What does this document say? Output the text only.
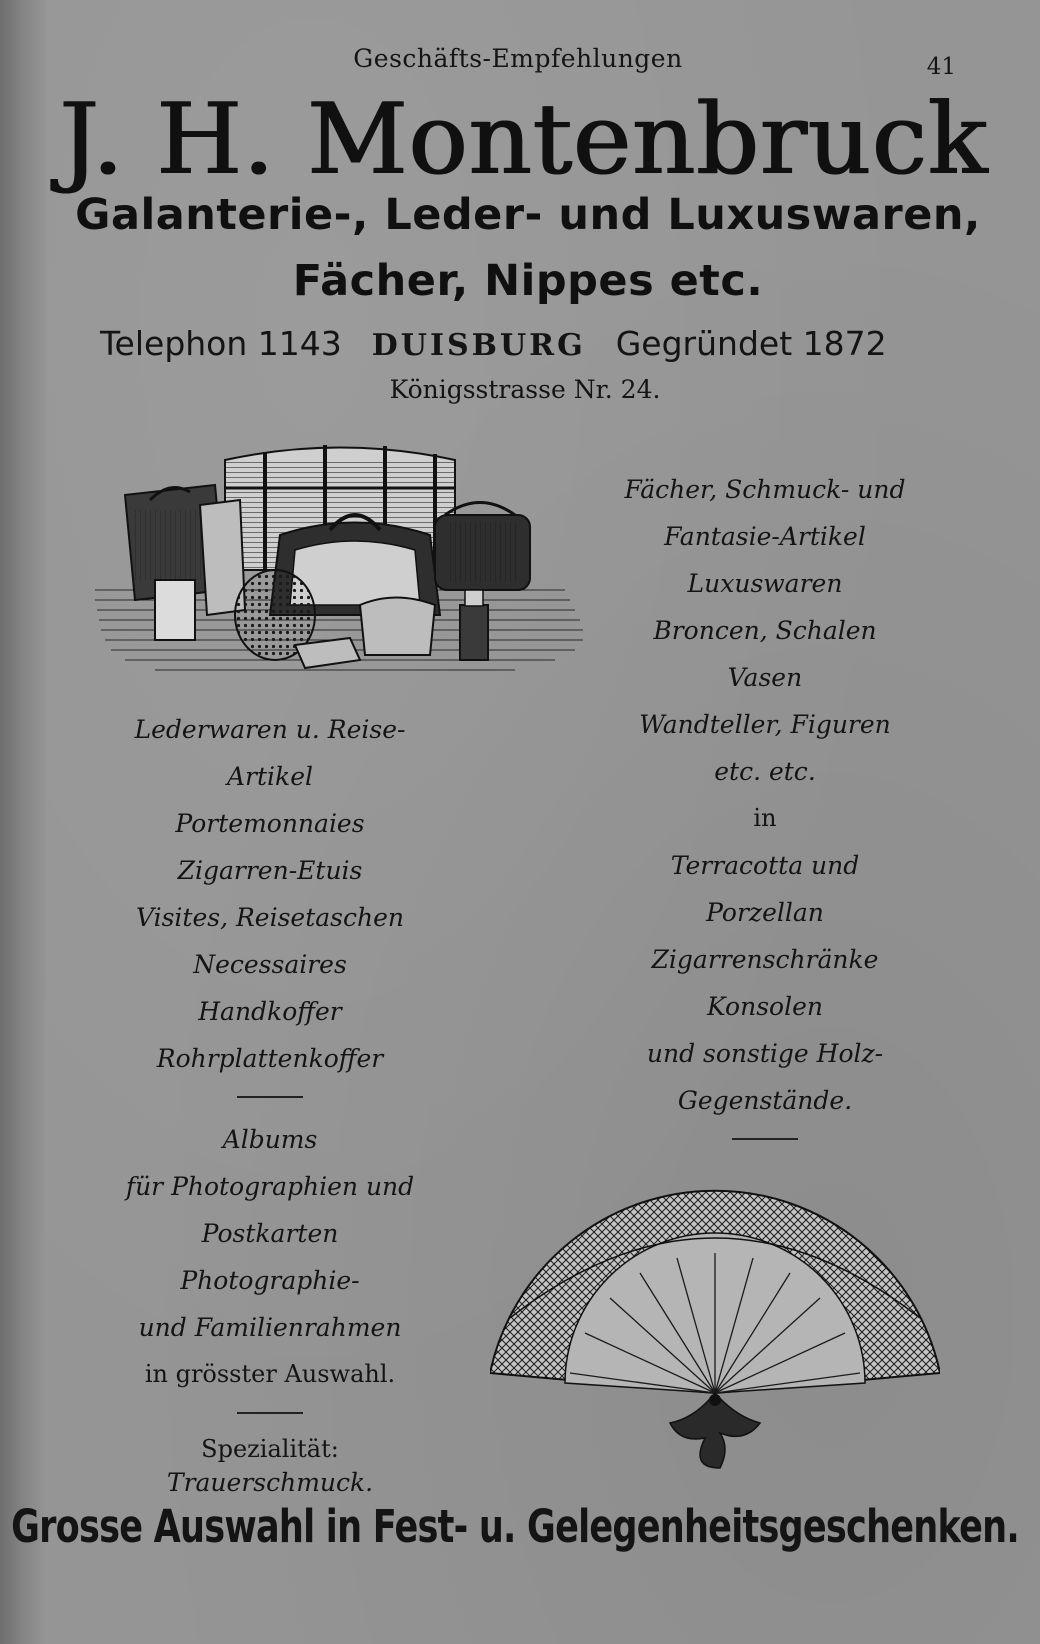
Geschäfts-Empfehlungen	41
J. H. Montenbruck
Galanterie-, Leder- und Luxuswaren,
Fächer, Nippes etc.
Telephon 1143 DUISBURG Gegründet 1872
Königsstrasse Nr. 24.
Fächer, Schmuck- und
Fantasie-Artikel
Luxuswaren
Broncen, Schalen
Vasen
Wandteller, Figuren
etc. etc.
in
Terracotta und
Porzellan
Zigarrenschränke
Konsolen
und sonstige Holz-
Gegenstände.
Lederwaren u. Reise-
Artikel
Portemonnaies
Zigarren-Etuis
Visites, Reisetaschen
Necessaires
Handkoffer
Rohrplattenkoffer
Albums
für Photographien und
Postkarten
Photographie-
und Familienrahmen
in grösster Auswahl.
Spezialität:
Trauerschmuck.
Grosse Auswahl in Fest- u. Gelegenheitsgeschenken.
